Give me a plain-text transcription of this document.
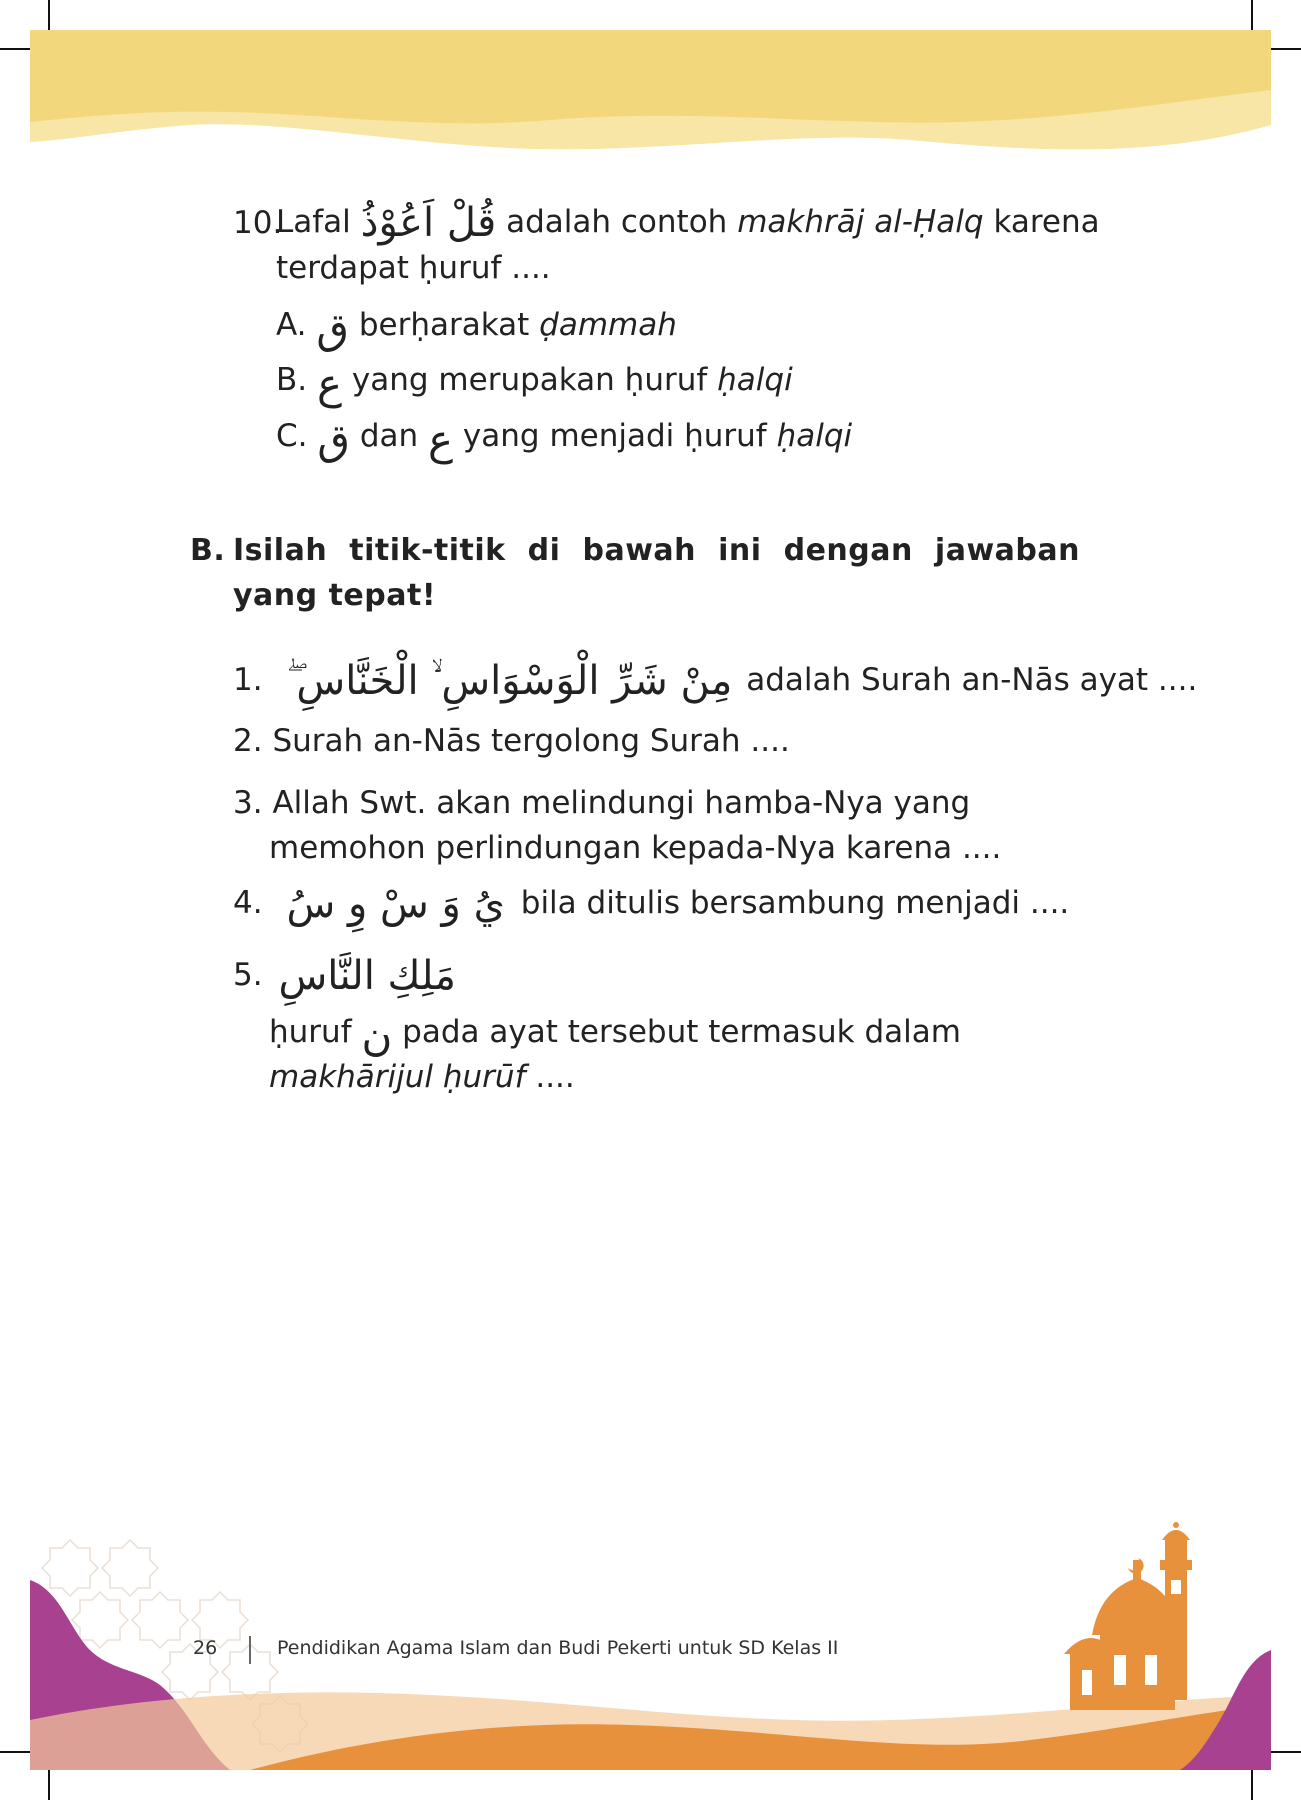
10.
Lafal قُلْ اَعُوْذُ adalah contoh makhrāj al-Ḥalq karena
terdapat ḥuruf ....
A. ق berḥarakat ḍammah
B. ع yang merupakan ḥuruf ḥalqi
C. ق dan ع yang menjadi ḥuruf ḥalqi
B. Isilah titik-titik di bawah ini dengan jawaban yang tepat!
1. مِنْ شَرِّ الْوَسْوَاسِ ۙ الْخَنَّاسِ ۖ adalah Surah an-Nās ayat ....
2. Surah an-Nās tergolong Surah ....
3. Allah Swt. akan melindungi hamba-Nya yang
memohon perlindungan kepada-Nya karena ....
4. يُ وَ سْ وِ سُ bila ditulis bersambung menjadi ....
5. مَلِكِ النَّاسِ
ḥuruf ن pada ayat tersebut termasuk dalam
makhārijul ḥurūf ....
26	Pendidikan Agama Islam dan Budi Pekerti untuk SD Kelas II
